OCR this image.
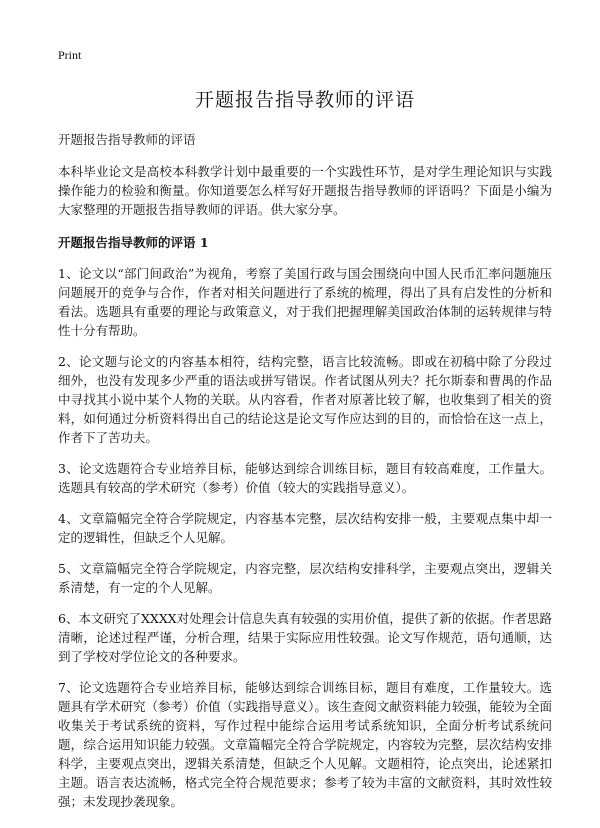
Print
开题报告指导教师的评语
开题报告指导教师的评语

本科毕业论文是高校本科教学计划中最重要的一个实践性环节，是对学生理论知识与实践操作能力的检验和衡量。你知道要怎么样写好开题报告指导教师的评语吗？下面是小编为大家整理的开题报告指导教师的评语。供大家分享。

开题报告指导教师的评语 1

1、论文以“部门间政治”为视角，考察了美国行政与国会围绕向中国人民币汇率问题施压问题展开的竞争与合作，作者对相关问题进行了系统的梳理，得出了具有启发性的分析和看法。选题具有重要的理论与政策意义，对于我们把握理解美国政治体制的运转规律与特性十分有帮助。

2、论文题与论文的内容基本相符，结构完整，语言比较流畅。即或在初稿中除了分段过细外，也没有发现多少严重的语法或拼写错误。作者试图从列夫？托尔斯泰和曹禺的作品中寻找其小说中某个人物的关联。从内容看，作者对原著比较了解，也收集到了相关的资料，如何通过分析资料得出自己的结论这是论文写作应达到的目的，而恰恰在这一点上，作者下了苦功夫。

3、论文选题符合专业培养目标，能够达到综合训练目标，题目有较高难度，工作量大。选题具有较高的学术研究（参考）价值（较大的实践指导意义）。

4、文章篇幅完全符合学院规定，内容基本完整，层次结构安排一般，主要观点集中却一定的逻辑性，但缺乏个人见解。

5、文章篇幅完全符合学院规定，内容完整，层次结构安排科学，主要观点突出，逻辑关系清楚，有一定的个人见解。

6、本文研究了XXXX对处理会计信息失真有较强的实用价值，提供了新的依据。作者思路清晰，论述过程严谨，分析合理，结果于实际应用性较强。论文写作规范，语句通顺，达到了学校对学位论文的各种要求。

7、论文选题符合专业培养目标，能够达到综合训练目标，题目有难度，工作量较大。选题具有学术研究（参考）价值（实践指导意义）。该生查阅文献资料能力较强，能较为全面收集关于考试系统的资料，写作过程中能综合运用考试系统知识，全面分析考试系统问题，综合运用知识能力较强。文章篇幅完全符合学院规定，内容较为完整，层次结构安排科学，主要观点突出，逻辑关系清楚，但缺乏个人见解。文题相符，论点突出，论述紧扣主题。语言表达流畅，格式完全符合规范要求；参考了较为丰富的文献资料，其时效性较强；未发现抄袭现象。
